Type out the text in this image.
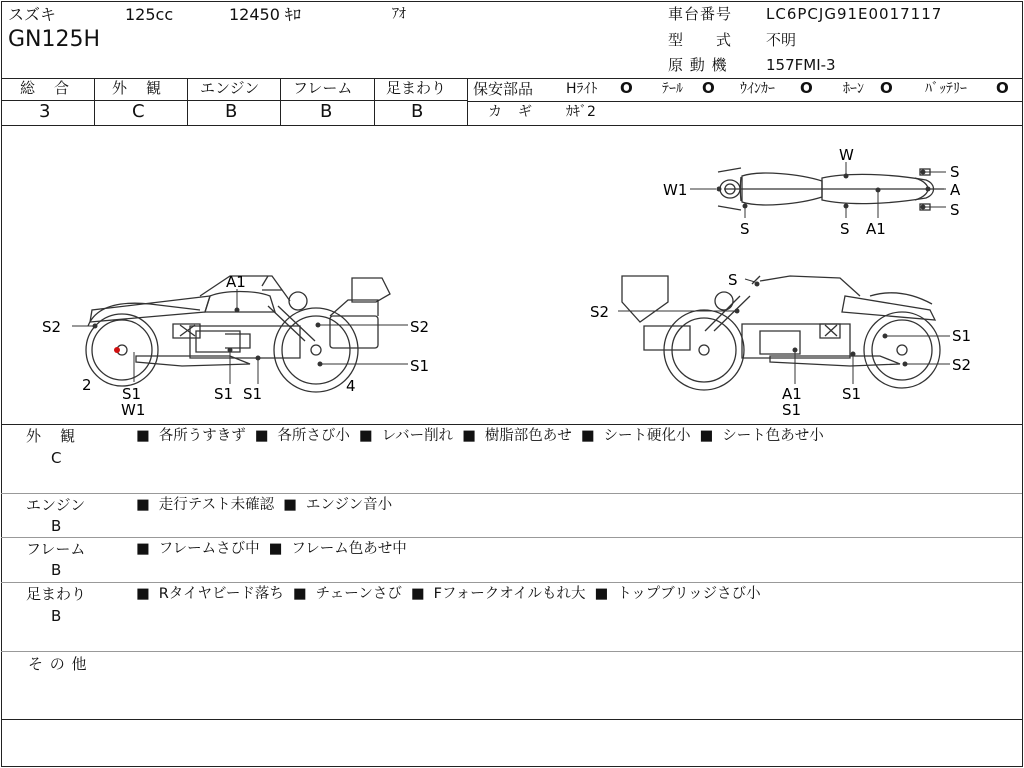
スズキ	125cc	12450 ｷﾛ	ｱｵ
GN125H
車台番号 LC6PCJG91E0017117
型　　式 不明
原 動 機	157FMI-3
総　合	外　観 エンジン フレーム 足まわり
3	C	B	B	B
保安部品 Hﾗｲﾄ O ﾃｰﾙ O ｳｲﾝｶｰ O ﾎｰﾝ O ﾊﾞｯﾃﾘｰ O
カ　ギ ｶｷﾞ2
W
W1
S	S A1
S
A
S
A1
S2	S2
S1
2	4
S1
W1
S1 S1
S
S2
S1
S2
A1
S1
S1
外　観
C
■ 各所うすきず ■ 各所さび小 ■ レバー削れ ■ 樹脂部色あせ ■ シート硬化小 ■ シート色あせ小
エンジン
B
■ 走行テスト未確認 ■ エンジン音小
フレーム
B
■ フレームさび中 ■ フレーム色あせ中
足まわり
B
■ Rタイヤビード落ち ■ チェーンさび ■ Fフォークオイルもれ大 ■ トップブリッジさび小
そ の 他
